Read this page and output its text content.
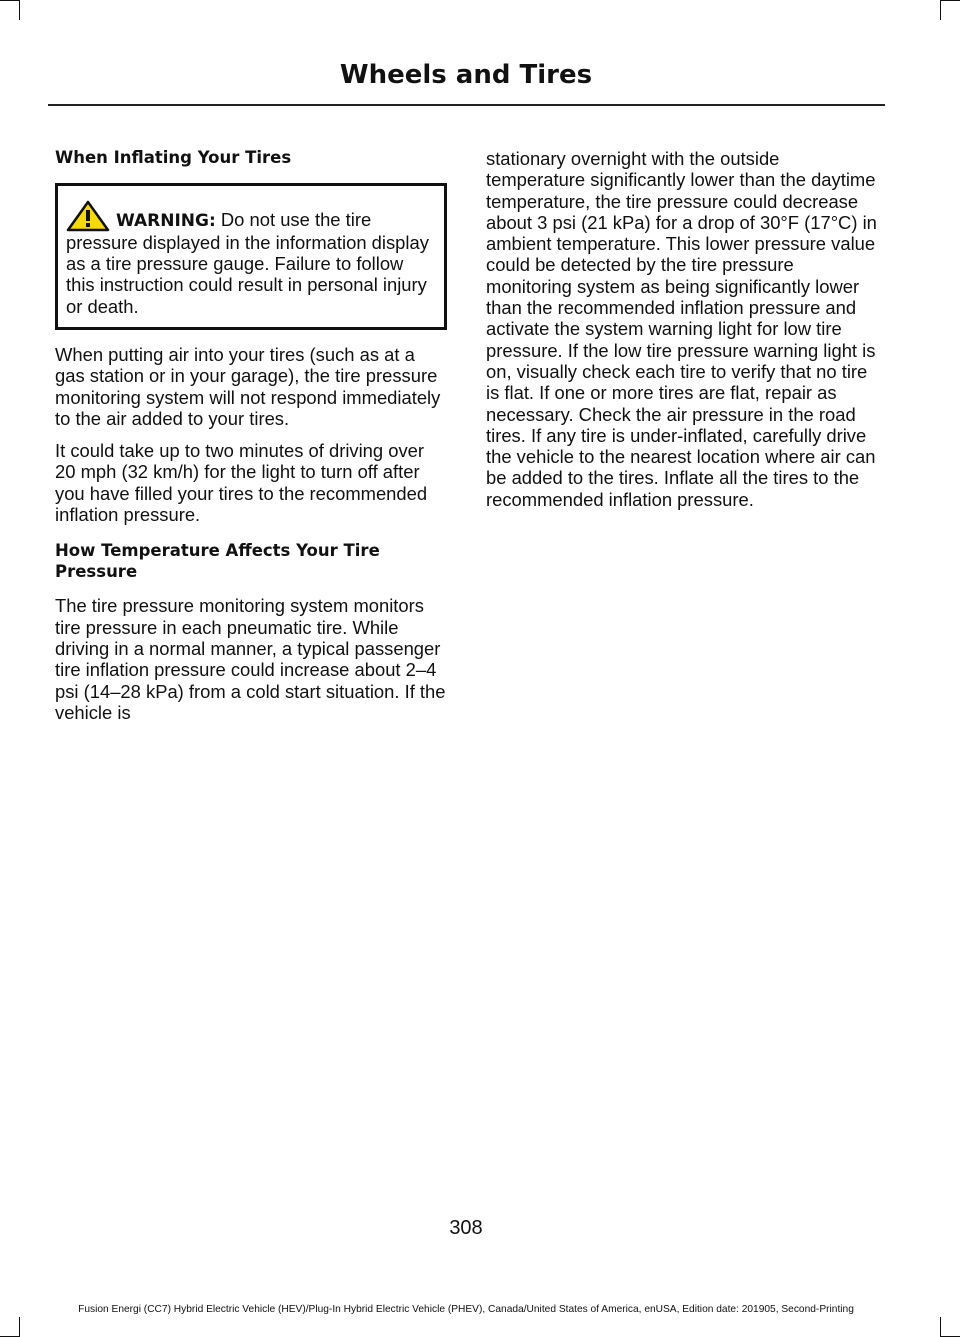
Wheels and Tires

When Inflating Your Tires

WARNING: Do not use the tire pressure displayed in the information display as a tire pressure gauge. Failure to follow this instruction could result in personal injury or death.

When putting air into your tires (such as at a gas station or in your garage), the tire pressure monitoring system will not respond immediately to the air added to your tires.

It could take up to two minutes of driving over 20 mph (32 km/h) for the light to turn off after you have filled your tires to the recommended inflation pressure.

How Temperature Affects Your Tire Pressure

The tire pressure monitoring system monitors tire pressure in each pneumatic tire. While driving in a normal manner, a typical passenger tire inflation pressure could increase about 2–4 psi (14–28 kPa) from a cold start situation. If the vehicle is

stationary overnight with the outside temperature significantly lower than the daytime temperature, the tire pressure could decrease about 3 psi (21 kPa) for a drop of 30°F (17°C) in ambient temperature. This lower pressure value could be detected by the tire pressure monitoring system as being significantly lower than the recommended inflation pressure and activate the system warning light for low tire pressure. If the low tire pressure warning light is on, visually check each tire to verify that no tire is flat. If one or more tires are flat, repair as necessary. Check the air pressure in the road tires. If any tire is under-inflated, carefully drive the vehicle to the nearest location where air can be added to the tires. Inflate all the tires to the recommended inflation pressure.

308
Fusion Energi (CC7) Hybrid Electric Vehicle (HEV)/Plug-In Hybrid Electric Vehicle (PHEV), Canada/United States of America, enUSA, Edition date: 201905, Second-Printing
